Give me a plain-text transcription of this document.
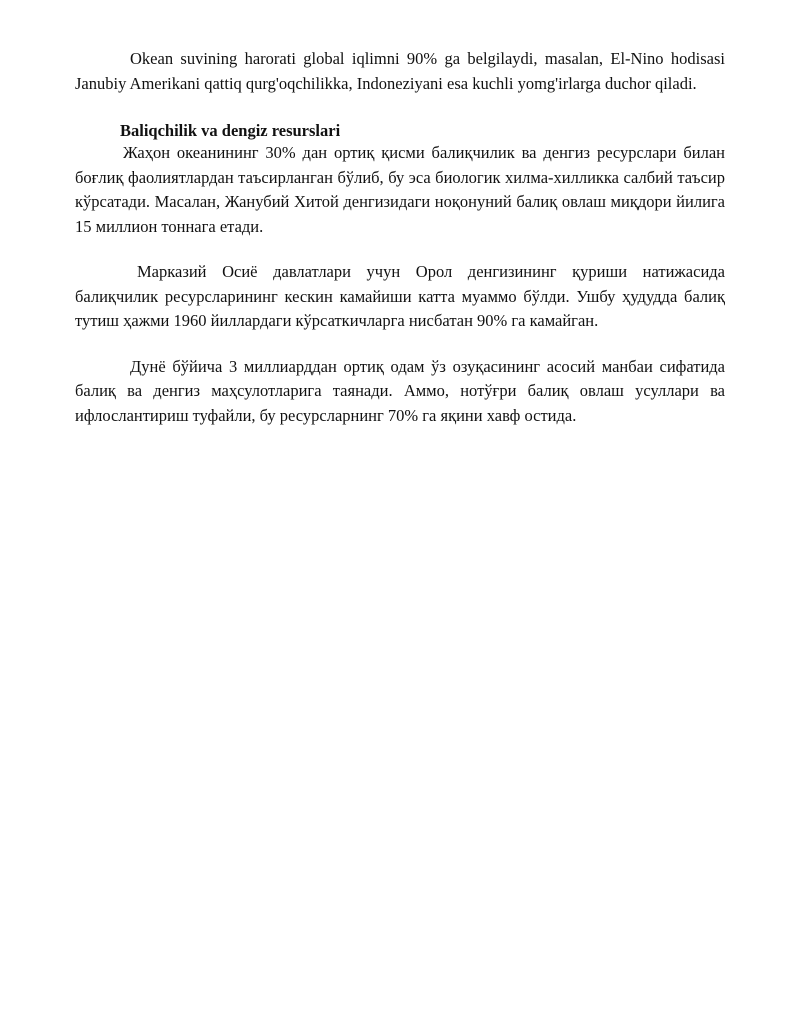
Okean suvining harorati global iqlimni 90% ga belgilaydi, masalan, El-Nino hodisasi Janubiy Amerikani qattiq qurg'oqchilikka, Indoneziyani esa kuchli yomg'irlarga duchor qiladi.

Baliqchilik va dengiz resurslari

Жаҳон океанининг 30% дан ортиқ қисми балиқчилик ва денгиз ресурслари билан боғлиқ фаолиятлардан таъсирланган бўлиб, бу эса биологик хилма-хилликка салбий таъсир кўрсатади. Масалан, Жанубий Хитой денгизидаги ноқонуний балиқ овлаш миқдори йилига 15 миллион тоннага етади.

Марказий Осиё давлатлари учун Орол денгизининг қуриши натижасида балиқчилик ресурсларининг кескин камайиши катта муаммо бўлди. Ушбу ҳудудда балиқ тутиш ҳажми 1960 йиллардаги кўрсаткичларга нисбатан 90% га камайган.

Дунё бўйича 3 миллиарддан ортиқ одам ўз озуқасининг асосий манбаи сифатида балиқ ва денгиз маҳсулотларига таянади. Аммо, нотўғри балиқ овлаш усуллари ва ифлослантириш туфайли, бу ресурсларнинг 70% га яқини хавф остида.
